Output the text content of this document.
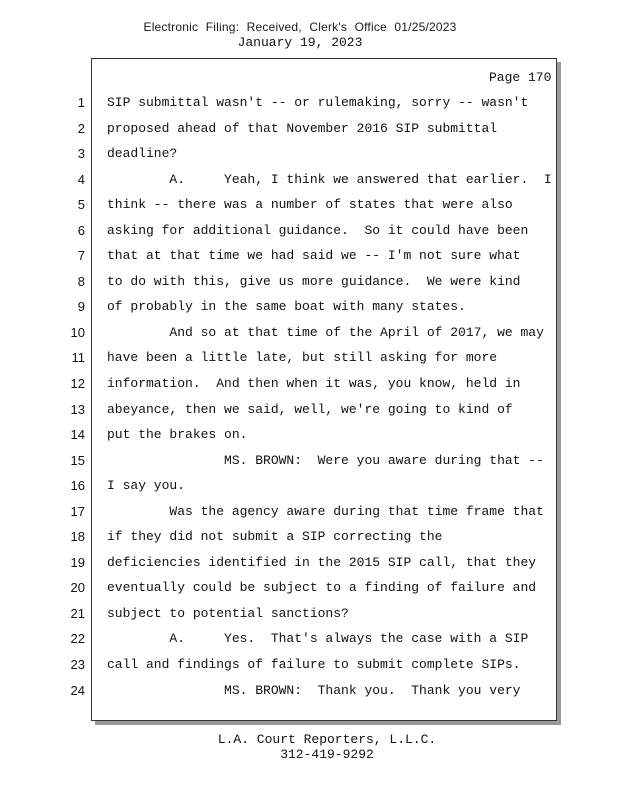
Electronic Filing: Received, Clerk's Office 01/25/2023
January 19, 2023
Page 170
1
2
3
4
5
6
7
8
9
10
11
12
13
14
15
16
17
18
19
20
21
22
23
24
SIP submittal wasn't -- or rulemaking, sorry -- wasn't
proposed ahead of that November 2016 SIP submittal
deadline?
A.     Yeah, I think we answered that earlier.  I
think -- there was a number of states that were also
asking for additional guidance.  So it could have been
that at that time we had said we -- I'm not sure what
to do with this, give us more guidance.  We were kind
of probably in the same boat with many states.
And so at that time of the April of 2017, we may
have been a little late, but still asking for more
information.  And then when it was, you know, held in
abeyance, then we said, well, we're going to kind of
put the brakes on.
MS. BROWN:  Were you aware during that --
I say you.
Was the agency aware during that time frame that
if they did not submit a SIP correcting the
deficiencies identified in the 2015 SIP call, that they
eventually could be subject to a finding of failure and
subject to potential sanctions?
A.     Yes.  That's always the case with a SIP
call and findings of failure to submit complete SIPs.
MS. BROWN:  Thank you.  Thank you very
L.A. Court Reporters, L.L.C.
312-419-9292
